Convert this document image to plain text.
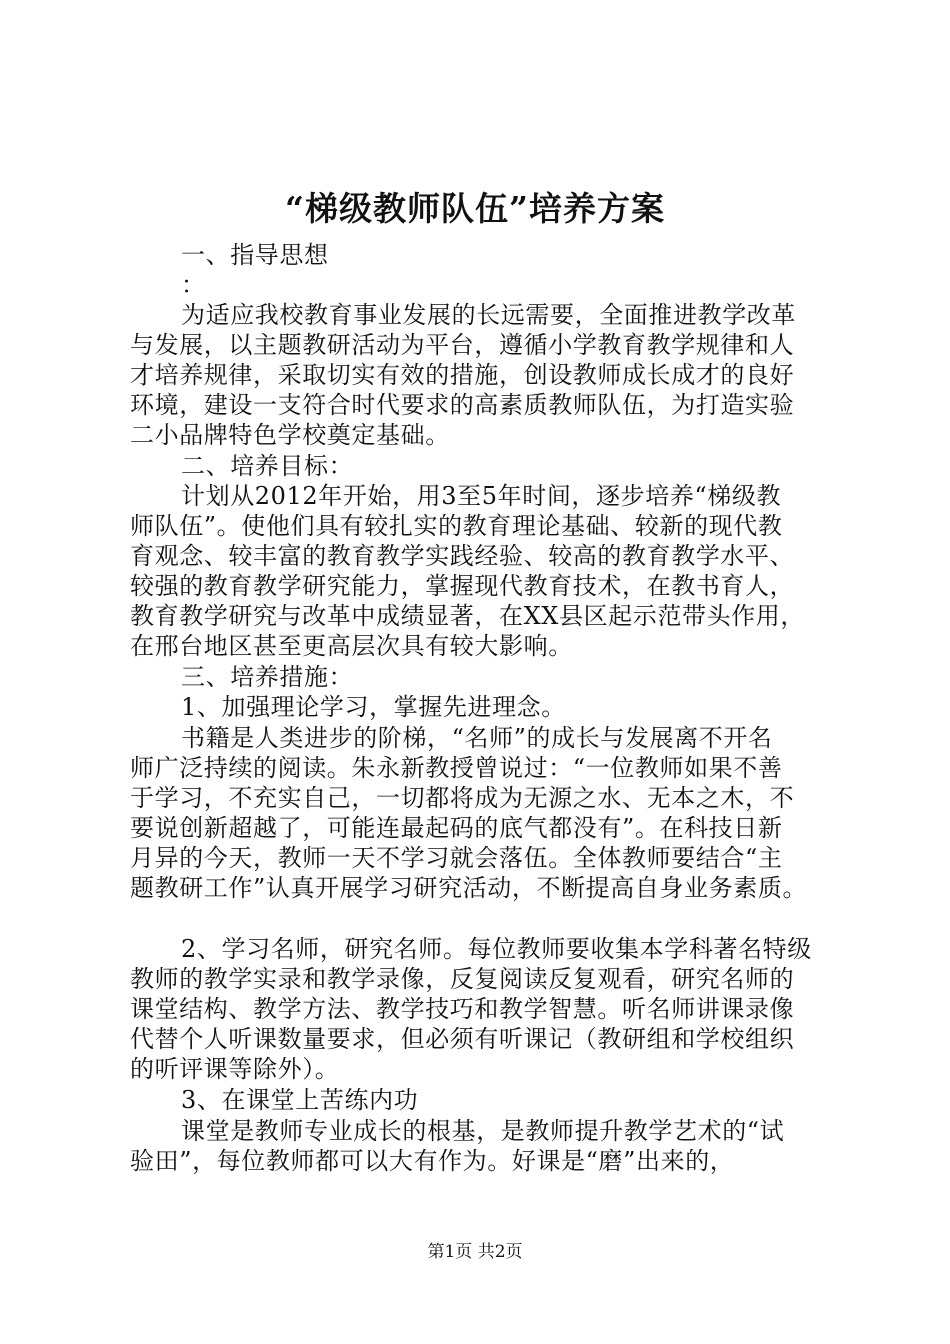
“梯级教师队伍”培养方案
一、指导思想
：
为适应我校教育事业发展的长远需要，全面推进教学改革
与发展，以主题教研活动为平台，遵循小学教育教学规律和人
才培养规律，采取切实有效的措施，创设教师成长成才的良好
环境，建设一支符合时代要求的高素质教师队伍，为打造实验
二小品牌特色学校奠定基础。
二、培养目标：
计划从2012年开始，用3至5年时间，逐步培养“梯级教
师队伍”。使他们具有较扎实的教育理论基础、较新的现代教
育观念、较丰富的教育教学实践经验、较高的教育教学水平、
较强的教育教学研究能力，掌握现代教育技术，在教书育人，
教育教学研究与改革中成绩显著，在XX县区起示范带头作用，
在邢台地区甚至更高层次具有较大影响。
三、培养措施：
1、加强理论学习，掌握先进理念。
书籍是人类进步的阶梯，“名师”的成长与发展离不开名
师广泛持续的阅读。朱永新教授曾说过：“一位教师如果不善
于学习，不充实自己，一切都将成为无源之水、无本之木，不
要说创新超越了，可能连最起码的底气都没有”。在科技日新
月异的今天，教师一天不学习就会落伍。全体教师要结合“主
题教研工作”认真开展学习研究活动，不断提高自身业务素质。
2、学习名师，研究名师。每位教师要收集本学科著名特级
教师的教学实录和教学录像，反复阅读反复观看，研究名师的
课堂结构、教学方法、教学技巧和教学智慧。听名师讲课录像
代替个人听课数量要求，但必须有听课记（教研组和学校组织
的听评课等除外）。
3、在课堂上苦练内功
课堂是教师专业成长的根基，是教师提升教学艺术的“试
验田”，每位教师都可以大有作为。好课是“磨”出来的，
第1页 共2页
